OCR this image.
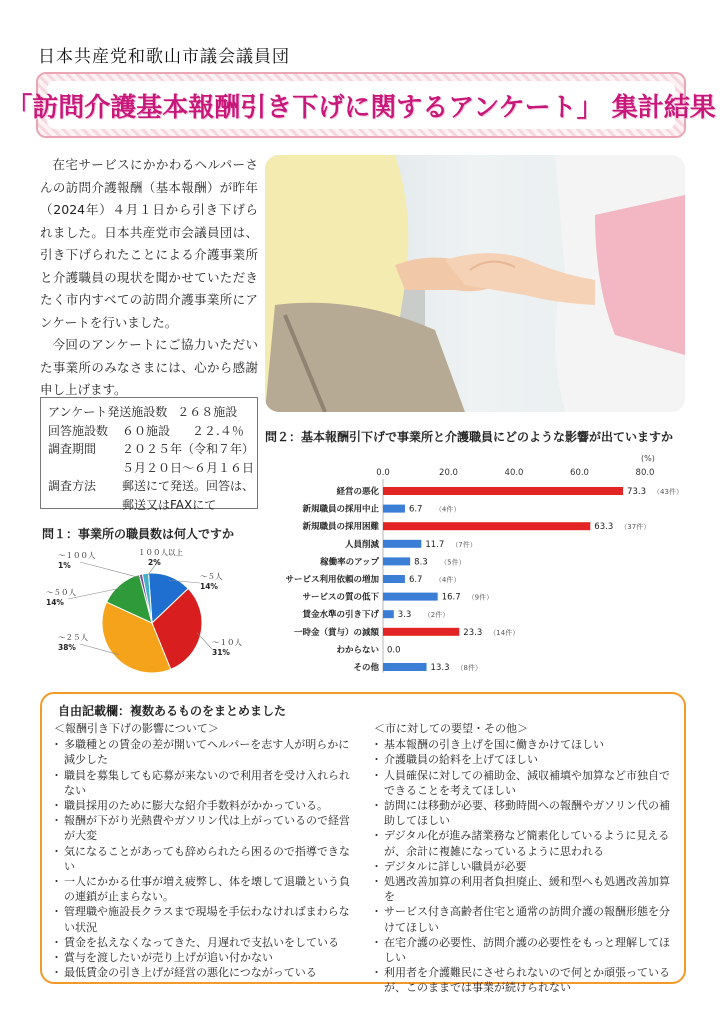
日本共産党和歌山市議会議員団
「訪問介護基本報酬引き下げに関するアンケート」 集計結果

在宅サービスにかかわるヘルパーさんの訪問介護報酬（基本報酬）が昨年（2024年）４月１日から引き下げられました。日本共産党市会議員団は、引き下げられたことによる介護事業所と介護職員の現状を聞かせていただきたく市内すべての訪問介護事業所にアンケートを行いました。

今回のアンケートにご協力いただいた事業所のみなさまには、心から感謝申し上げます。

アンケート発送施設数 ２６８施設
回答施設数	６０施設 ２２.４％
調査期間	２０２５年（令和７年）
５月２０日～６月１６日
調査方法	郵送にて発送。回答は、
郵送又はFAXにて
問１：事業所の職員数は何人ですか
～５人
14%
～１０人
31%
～２５人
38%
～５０人
14%
～１００人
1%
１００人以上
2%
問２：基本報酬引下げで事業所と介護職員にどのような影響が出ていますか
(%)
0.0	20.0	40.0	60.0	80.0
経営の悪化	73.3 （43件）
新規職員の採用中止	6.7 （4件）
新規職員の採用困難	63.3 （37件）
人員削減	11.7 （7件）
稼働率のアップ	8.3 （5件）
サービス利用依頼の増加	6.7 （4件）
サービスの質の低下	16.7 （9件）
賃金水準の引き下げ 3.3 （2件）
一時金（賞与）の減額	23.3 （14件）
わからない 0.0
その他	13.3 （8件）
自由記載欄：複数あるものをまとめました
＜報酬引き下げの影響について＞
・ 多職種との賃金の差が開いてヘルパーを志す人が明らかに減少した
・ 職員を募集しても応募が来ないので利用者を受け入れられない
・ 職員採用のために膨大な紹介手数料がかかっている。
・ 報酬が下がり光熱費やガソリン代は上がっているので経営が大変
・ 気になることがあっても辞められたら困るので指導できない
・ 一人にかかる仕事が増え疲弊し、体を壊して退職という負の連鎖が止まらない。
・ 管理職や施設長クラスまで現場を手伝わなければまわらない状況
・ 賃金を払えなくなってきた、月遅れで支払いをしている
・ 賞与を渡したいが売り上げが追い付かない
・ 最低賃金の引き上げが経営の悪化につながっている
＜市に対しての要望・その他＞
・ 基本報酬の引き上げを国に働きかけてほしい
・ 介護職員の給料を上げてほしい
・ 人員確保に対しての補助金、減収補填や加算など市独自でできることを考えてほしい
・ 訪問には移動が必要、移動時間への報酬やガソリン代の補助してほしい
・ デジタル化が進み諸業務など簡素化しているように見えるが、余計に複雑になっているように思われる
・ デジタルに詳しい職員が必要
・ 処遇改善加算の利用者負担廃止、緩和型へも処遇改善加算を
・ サービス付き高齢者住宅と通常の訪問介護の報酬形態を分けてほしい
・ 在宅介護の必要性、訪問介護の必要性をもっと理解してほしい
・ 利用者を介護難民にさせられないので何とか頑張っているが、このままでは事業が続けられない
